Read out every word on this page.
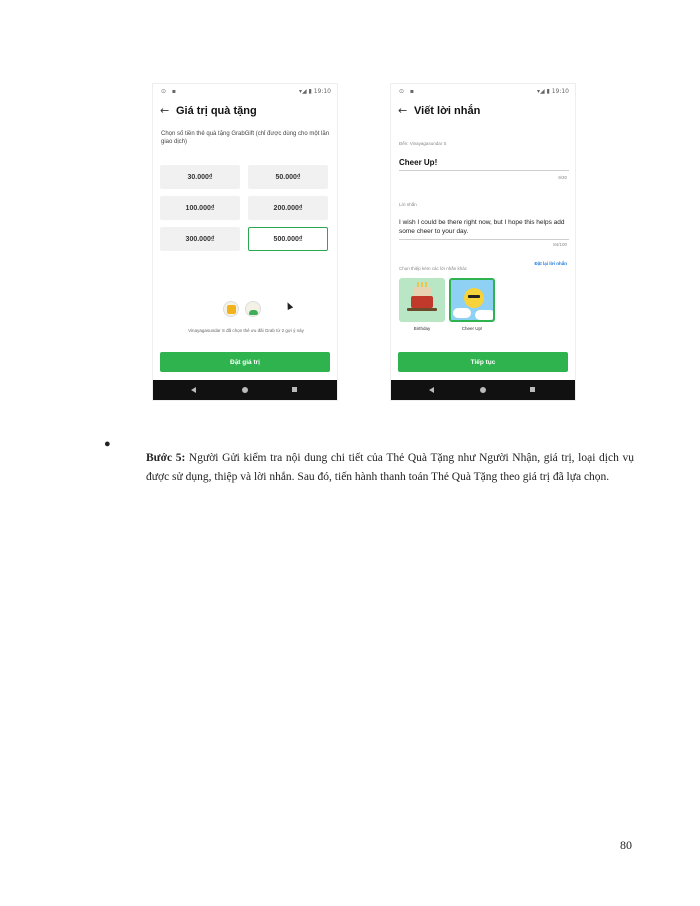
⊙ ▪	▾◢ ▮ 19:10
← Giá trị quà tặng
Chọn số tiền thẻ quà tặng GrabGift (chỉ được dùng cho một lần giao dịch)
30.000₫	50.000₫
100.000₫	200.000₫
300.000₫	500.000₫
Vinayagasundar S đã chọn thẻ ưu đãi Grab từ 2 gợi ý này
Đặt giá trị
⊙ ▪	▾◢ ▮ 19:10
← Viết lời nhắn
Đến: Vinayagasundar S
Cheer Up!
9/30
Lời nhắn
I wish I could be there right now, but I hope this helps add some cheer to your day.
84/100
Đặt lại lời nhắn
Chọn thiệp kèm các lời nhắn khác
Birthday	Cheer Up!
Tiếp tục
●

Bước 5: Người Gửi kiểm tra nội dung chi tiết của Thẻ Quà Tặng như Người Nhận, giá trị, loại dịch vụ được sử dụng, thiệp và lời nhắn. Sau đó, tiến hành thanh toán Thẻ Quà Tặng theo giá trị đã lựa chọn.

80
